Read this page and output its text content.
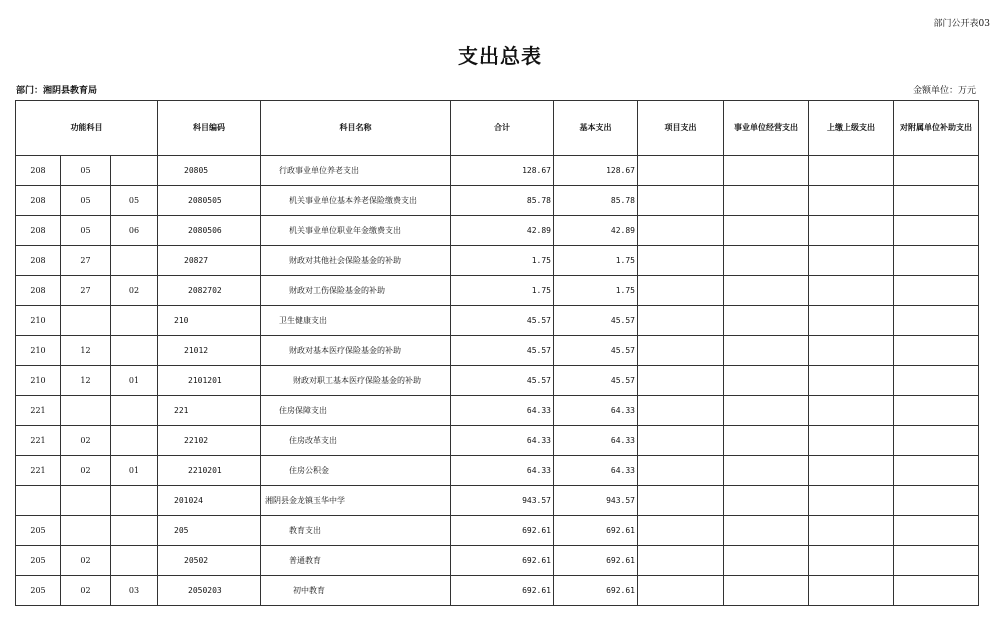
部门公开表03
支出总表
部门：湘阴县教育局	金额单位：万元
功能科目			科目编码	科目名称	合计	基本支出	项目支出	事业单位经营支出	上缴上级支出	对附属单位补助支出
208	05		20805	行政事业单位养老支出	128.67	128.67				
208	05	05	2080505	机关事业单位基本养老保险缴费支出	85.78	85.78				
208	05	06	2080506	机关事业单位职业年金缴费支出	42.89	42.89				
208	27		20827	财政对其他社会保险基金的补助	1.75	1.75				
208	27	02	2082702	财政对工伤保险基金的补助	1.75	1.75				
210			210	卫生健康支出	45.57	45.57				
210	12		21012	财政对基本医疗保险基金的补助	45.57	45.57				
210	12	01	2101201	财政对职工基本医疗保险基金的补助	45.57	45.57				
221			221	住房保障支出	64.33	64.33				
221	02		22102	住房改革支出	64.33	64.33				
221	02	01	2210201	住房公积金	64.33	64.33				
			201024	湘阴县金龙镇玉华中学	943.57	943.57				
205			205	教育支出	692.61	692.61				
205	02		20502	普通教育	692.61	692.61				
205	02	03	2050203	初中教育	692.61	692.61				
